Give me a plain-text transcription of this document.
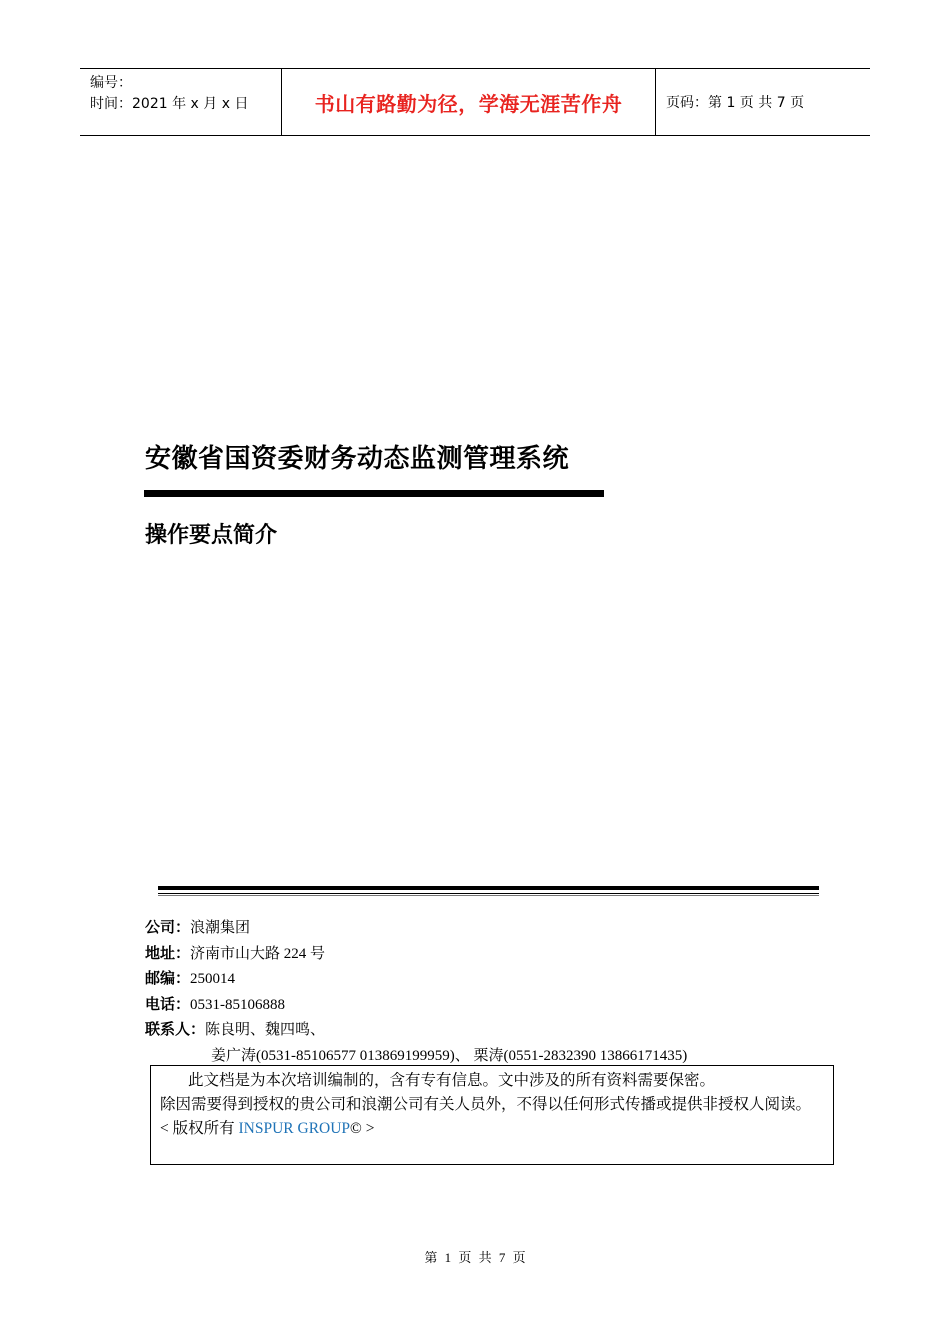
编号：
时间：2021 年 x 月 x 日	书山有路勤为径，学海无涯苦作舟	页码：第 1 页 共 7 页
安徽省国资委财务动态监测管理系统
操作要点简介
公司：浪潮集团
地址：济南市山大路 224 号
邮编：250014
电话：0531-85106888
联系人：陈良明、魏四鸣、
姜广涛(0531-85106577 013869199959)、 栗涛(0551-2832390 13866171435)
此文档是为本次培训编制的，含有专有信息。文中涉及的所有资料需要保密。
除因需要得到授权的贵公司和浪潮公司有关人员外，不得以任何形式传播或提供非授权人阅读。
< 版权所有 INSPUR GROUP© >
第 1 页 共 7 页
